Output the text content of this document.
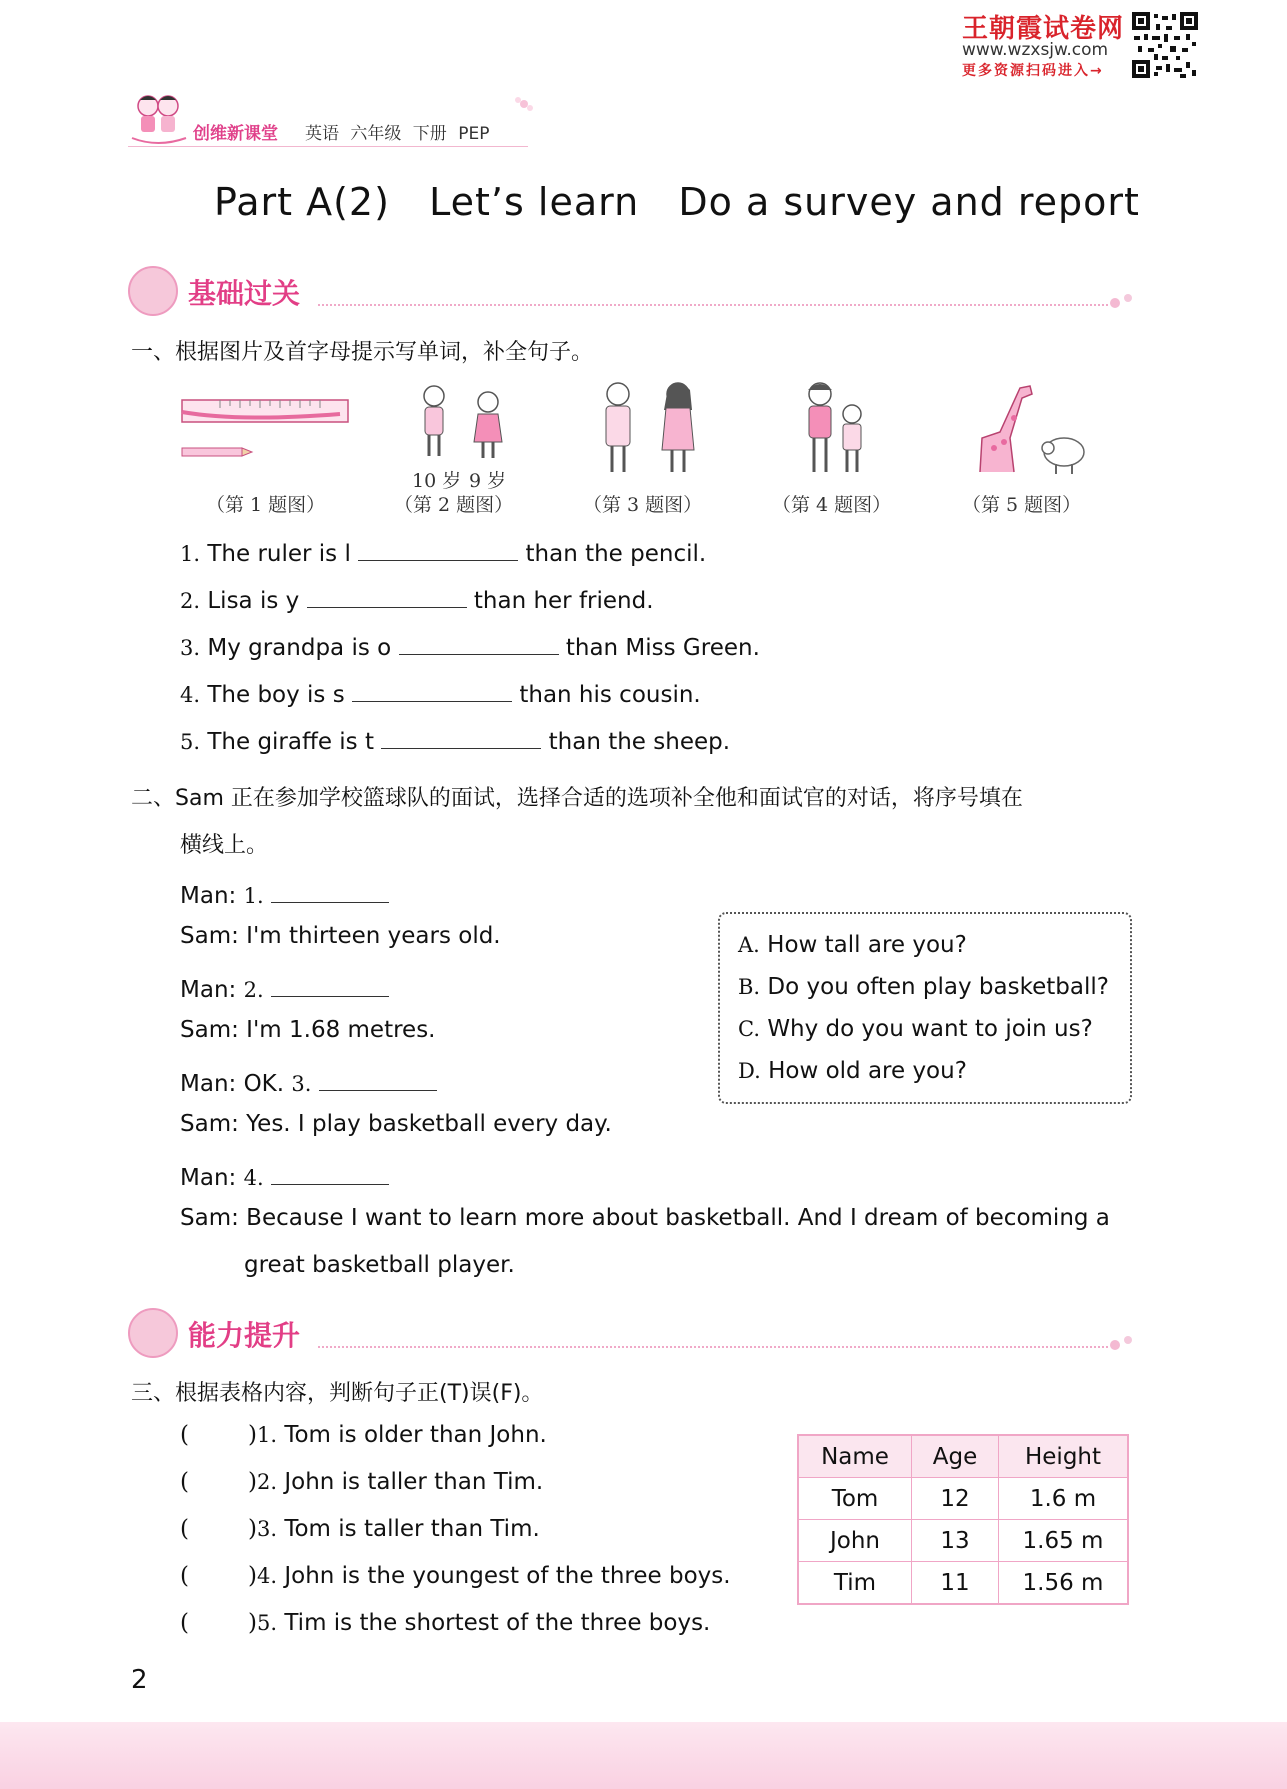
王朝霞试卷网
www.wzxsjw.com
更多资源扫码进入→
创维新课堂 英语 六年级 下册 PEP
Part A(2)   Let’s learn   Do a survey and report
基础过关
一、根据图片及首字母提示写单词，补全句子。
10 岁 9 岁
（第 1 题图）	（第 2 题图）	（第 3 题图）	（第 4 题图）	（第 5 题图）
1. The ruler is l	than the pencil.
2. Lisa is y	than her friend.
3. My grandpa is o	than Miss Green.
4. The boy is s	than his cousin.
5. The giraffe is t	than the sheep.
二、Sam 正在参加学校篮球队的面试，选择合适的选项补全他和面试官的对话，将序号填在
横线上。
Man: 1.
Sam: I'm thirteen years old.
Man: 2.
Sam: I'm 1.68 metres.
Man: OK. 3.
Sam: Yes. I play basketball every day.
Man: 4.
Sam: Because I want to learn more about basketball. And I dream of becoming a
great basketball player.
A. How tall are you?
B. Do you often play basketball?
C. Why do you want to join us?
D. How old are you?
能力提升
三、根据表格内容，判断句子正(T)误(F)。
(	)1. Tom is older than John.
(	)2. John is taller than Tim.
(	)3. Tom is taller than Tim.
(	)4. John is the youngest of the three boys.
(	)5. Tim is the shortest of the three boys.
Name	Age	Height
Tom	12	1.6 m
John	13	1.65 m
Tim	11	1.56 m
2
